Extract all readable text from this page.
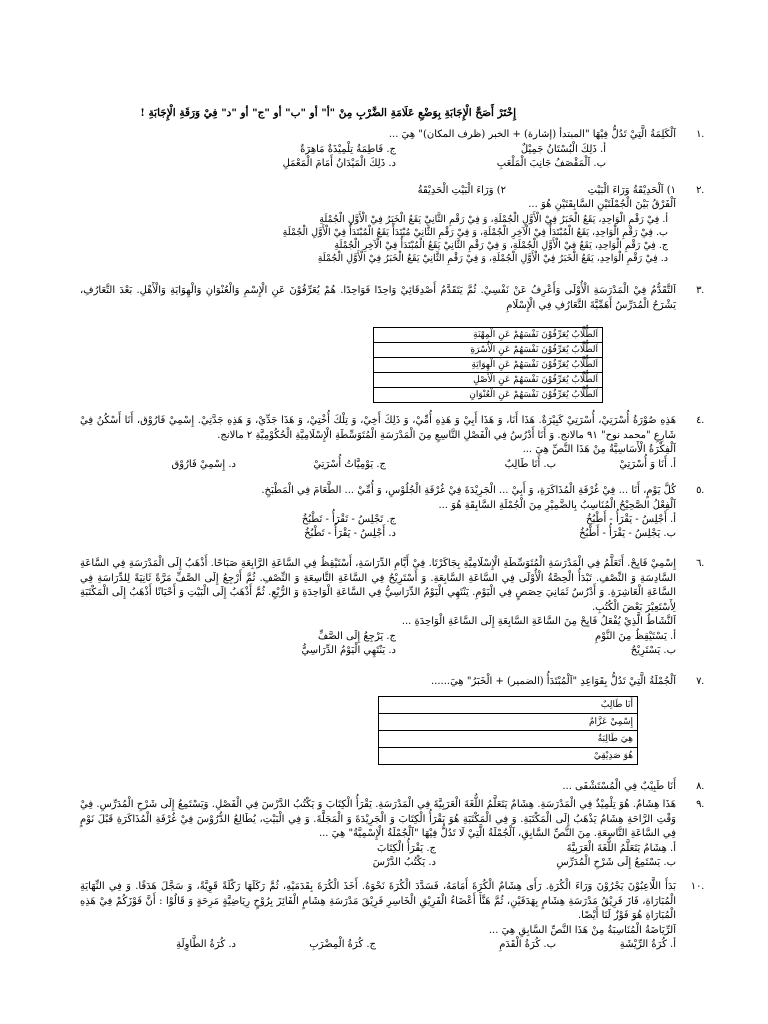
إِخْتَرْ أَصَحَّ الْإِجَابَةِ بِوَضْعِ عَلَامَةِ الضَّرْبِ مِنْ "أ" أو "ب" أو "ج" أو "د" فِيْ وَرَقَةِ الْإِجَابَةِ !
١.
اَلْكَلِمَةُ الَّتِيْ تَدُلُّ فِيْهَا "المبتدأ (إشارة) + الخبر (ظرف المكان)" هِيَ ...
أ. ذَلِكَ الْبُسْتَانُ جَمِيْلٌ
ج. فَاطِمَةُ تِلْمِيْذَةٌ مَاهِرَةٌ
ب. اَلْمَقْصَفُ جَانِبَ الْمَلْعَبِ
د. ذَلِكَ الْمَيْدَانُ أَمَامَ الْمَعْمَلِ
٢.
١) اَلْحَدِيْقَةُ وَرَاءَ الْبَيْتِ
٢) وَرَاءَ الْبَيْتِ الْحَدِيْقَةُ
اَلْفَرْقُ بَيْنَ الْجُمْلَتَيْنِ السَّابِقَتَيْنِ هُوَ ...
أ. فِيْ رَقْمِ الْوَاحِدِ، يَقَعُ الْخَبَرُ فِيْ الْأَوَّلِ الْجُمْلَةِ، وَ فِيْ رَقْمِ الثَّانِيْ يَقَعُ الْخَبَرُ فِيْ الْأَوَّلِ الْجُمْلَةِ
ب. فِيْ رَقْمِ الْوَاحِدِ، يَقَعُ الْمُبْتَدَأُ فِيْ الْآخِرِ الْجُمْلَةِ، وَ فِيْ رَقْمِ الثَّانِيْ مُبْتَدَأً يَقَعُ الْمُبْتَدَأُ فِيْ الْأَوَّلِ الْجُمْلَةِ
ج. فِيْ رَقْمِ الْوَاحِدِ، يَقَعُ فِيْ الْأَوَّلِ الْجُمْلَةِ، وَ فِيْ رَقْمِ الثَّانِيْ يَقَعُ الْمُبْتَدَأُ فِيْ الْآخِرِ الْجُمْلَةِ
د. فِيْ رَقْمِ الْوَاحِدِ، يَقَعُ الْخَبَرُ فِيْ الْأَوَّلِ الْجُمْلَةِ، وَ فِيْ رَقْمِ الثَّانِيْ يَقَعُ الْخَبَرُ فِيْ الْأَوَّلِ الْجُمْلَةِ
٣.
اَلتَّقَدُّمُ فِيْ الْمَدْرَسَةِ الْأُوْلَى وَأَعْرِفُ عَنْ نَفْسِيْ. ثُمَّ يَتَقَدَّمُ أَصْدِقَائِيْ وَاحِدًا فَوَاحِدًا. هُمْ يُعَرِّفُوْنَ عَنِ الْإِسْمِ وَالْعُنْوَانِ وَالْهِوَايَةِ وَالْأَهْلِ. بَعْدَ التَّعَارُفِ، يَشْرَحُ الْمُدَرِّسُ أَهَمِّيَّةَ التَّعَارُفِ فِي الْإِسْلَامِ
اَلطُّلَّابُ يُعَرِّفُوْنَ نَفْسَهُمْ عَنِ الْمِهْنَةِ
اَلطُّلَّابُ يُعَرِّفُوْنَ نَفْسَهُمْ عَنِ الْأُسْرَةِ
اَلطُّلَّابُ يُعَرِّفُوْنَ نَفْسَهُمْ عَنِ الْهِوَايَةِ
اَلطُّلَّابُ يُعَرِّفُوْنَ نَفْسَهُمْ عَنِ الْأَصْلِ
اَلطُّلَّابُ يُعَرِّفُوْنَ نَفْسَهُمْ عَنِ الْعُنْوَانِ
٤.
هَذِهِ صُوْرَةُ أُسْرَتِيْ، أُسْرَتِيْ كَبِيْرَةٌ. هَذَا أَنَا، وَ هَذَا أَبِيْ وَ هَذِهِ أُمِّيْ، وَ ذَلِكَ أَخِيْ، وَ تِلْكَ أُخْتِيْ، وَ هَذَا جَدِّيْ، وَ هَذِهِ جَدَّتِيْ. إِسْمِيْ فَارُوْق، أَنَا أَسْكُنُ فِيْ شَارِعِ "محمد نوح" ٩١ مالانج. وَ أَنَا أَدْرُسُ فِي الْفَصْلِ التَّاسِعِ مِنَ الْمَدْرَسَةِ الْمُتَوَسِّطَةِ الْإِسْلَامِيَّةِ الْحُكُوْمِيَّةِ ٢ مالانج.
اَلْفِكْرَةُ الْأَسَاسِيَّةُ مِنْ هَذَا النَّصِّ هِيَ ...
أ. أَنَا وَ أُسْرَتِيْ
ب. أَنَا طَالِبٌ
ج. يَوْمِيَّاتُ أُسْرَتِيْ
د. إِسْمِيْ فَارُوْق
٥.
كُلَّ يَوْمٍ، أَنَا ... فِيْ غُرْفَةِ الْمُذَاكَرَةِ، وَ أَبِيْ ... الْجَرِيْدَةَ فِيْ غُرْفَةِ الْجُلُوْسِ، وَ أُمِّيْ ... الطَّعَامَ فِي الْمَطْبَخِ.
اَلْفِعْلُ الصَّحِيْحُ الْمُنَاسِبُ بِالضَّمِيْرِ مِنَ الْجُمْلَةِ السَّابِقَةِ هُوَ ...
أ. أَجْلِسُ - يَقْرَأُ - أَطْبُخُ
ج. تَجْلِسُ - تَقْرَأُ - تَطْبُخُ
ب. يَجْلِسُ - يَقْرَأُ - أَطْبُخُ
د. أَجْلِسُ - يَقْرَأُ - تَطْبُخُ
٦.
إِسْمِيْ فَايِحْ. أَتَعَلَّمُ فِي الْمَدْرَسَةِ الْمُتَوَسِّطَةِ الْإِسْلَامِيَّةِ بِجَاكَرْتَا. فِيْ أَيَّامِ الدِّرَاسَةِ، أَسْتَيْقِظُ فِي السَّاعَةِ الرَّابِعَةِ صَبَاحًا. أَذْهَبُ إِلَى الْمَدْرَسَةِ فِي السَّاعَةِ السَّادِسَةِ وَ النِّصْفِ. تَبْدَأُ الْحِصَّةُ الْأُوْلَى فِي السَّاعَةِ السَّابِعَةِ. وَ أَسْتَرِيْحُ فِي السَّاعَةِ التَّاسِعَةِ وَ النِّصْفِ. ثُمَّ أَرْجِعُ إِلَى الصَّفِّ مَرَّةً ثَانِيَةً لِلدِّرَاسَةِ فِي السَّاعَةِ الْعَاشِرَةِ. وَ أَدْرُسُ ثَمَانِيَ حِصَصٍ فِي الْيَوْمِ. يَنْتَهِي الْيَوْمُ الدِّرَاسِيُّ فِي السَّاعَةِ الْوَاحِدَةِ وَ الرُّبْعِ. ثُمَّ أَذْهَبُ إِلَى الْبَيْتِ وَ أَحْيَانًا أَذْهَبُ إِلَى الْمَكْتَبَةِ لِأَسْتَعِيْرَ بَعْضَ الْكُتُبِ.
اَلنَّشَاطُ الَّذِيْ يُفْعَلُ فَايِحْ مِنَ السَّاعَةِ السَّابِعَةِ إِلَى السَّاعَةِ الْوَاحِدَةِ ...
أ. يَسْتَيْقِظُ مِنَ النَّوْمِ
ج. يَرْجِعُ إِلَى الصَّفِّ
ب. يَسْتَرِيْحُ
د. يَنْتَهِي الْيَوْمُ الدِّرَاسِيُّ
٧.
اَلْجُمْلَةُ الَّتِيْ تَدُلُّ بِقَوَاعِدِ "اَلْمُبْتَدَأُ (الضمير) + الْخَبَرُ" هِيَ......
أَنَا طَالِبٌ
إِسْمِيْ عَزَّامٌ
هِيَ طَالِبَةٌ
هُوَ صَدِيْقِيْ
٨.
أَنَا طَبِيْبٌ فِي الْمُسْتَشْفَى ...
٩.
هَذَا هِشَامٌ. هُوَ تِلْمِيْذٌ فِي الْمَدْرَسَةِ. هِشَامٌ يَتَعَلَّمُ اللُّغَةَ الْعَرَبِيَّةَ فِي الْمَدْرَسَةِ. يَقْرَأُ الْكِتَابَ وَ يَكْتُبُ الدَّرْسَ فِي الْفَصْلِ. وَيَسْتَمِعُ إِلَى شَرْحِ الْمُدَرِّسِ. فِيْ وَقْتِ الرَّاحَةِ هِشَامٌ يَذْهَبُ إِلَى الْمَكْتَبَةِ. وَ فِي الْمَكْتَبَةِ هُوَ يَقْرَأُ الْكِتَابَ وَ الْجَرِيْدَةَ وَ الْمَجَلَّةَ. وَ فِي الْبَيْتِ، يُطَالِعُ الدُّرُوْسَ فِيْ غُرْفَةِ الْمُذَاكَرَةِ قَبْلَ نَوْمٍ فِي السَّاعَةِ التَّاسِعَةِ. مِنَ النَّصِّ السَّابِقِ، اَلْجُمْلَةُ الَّتِيْ لَا تَدُلُّ فِيْهَا "اَلْجُمْلَةُ الْإِسْمِيَّةُ" هِيَ ...
أ. هِشَامٌ يَتَعَلَّمُ اللُّغَةَ الْعَرَبِيَّةَ
ج. يَقْرَأُ الْكِتَابَ
ب. يَسْتَمِعُ إِلَى شَرْحِ الْمُدَرِّسِ
د. يَكْتُبُ الدَّرْسَ
١٠.
بَدَأَ اللَّاعِبُوْنَ يَجْرُوْنَ وَرَاءَ الْكُرَةِ. رَأَى هِشَامٌ الْكُرَةَ أَمَامَهُ، فَسَدَّدَ الْكُرَةَ نَحْوَهُ. أَخَذَ الْكُرَةَ بِقَدَمَيْهِ، ثُمَّ رَكَلَهَا رَكْلَةً قَوِيَّةً، وَ سَجَّلَ هَدَفًا. وَ فِي النِّهَايَةِ الْمُبَارَاةِ، فَازَ فَرِيْقُ مَدْرَسَةِ هِشَامٍ بِهَدَفَيْنِ، ثُمَّ هَنَّأَ أَعْضَاءُ الْفَرِيْقِ الْخَاسِرِ فَرِيْقَ مَدْرَسَةِ هِشَامٍ الْفَائِزَ بِرُوْحٍ رِيَاضِيَّةٍ مَرِحَةٍ وَ قَالُوْا : أَنَّ فَوْزَكُمْ فِيْ هَذِهِ الْمُبَارَاةِ هُوَ فَوْزٌ لَنَا أَيْضًا.
اَلرِّيَاضَةُ الْمُنَاسِبَةُ مِنْ هَذَا النَّصِّ السَّابِقِ هِيَ ...
أ. كُرَةُ الرِّيْشَةِ
ب. كُرَةُ الْقَدَمِ
ج. كُرَةُ الْمِضْرَبِ
د. كُرَةُ الطَّاوِلَةِ
